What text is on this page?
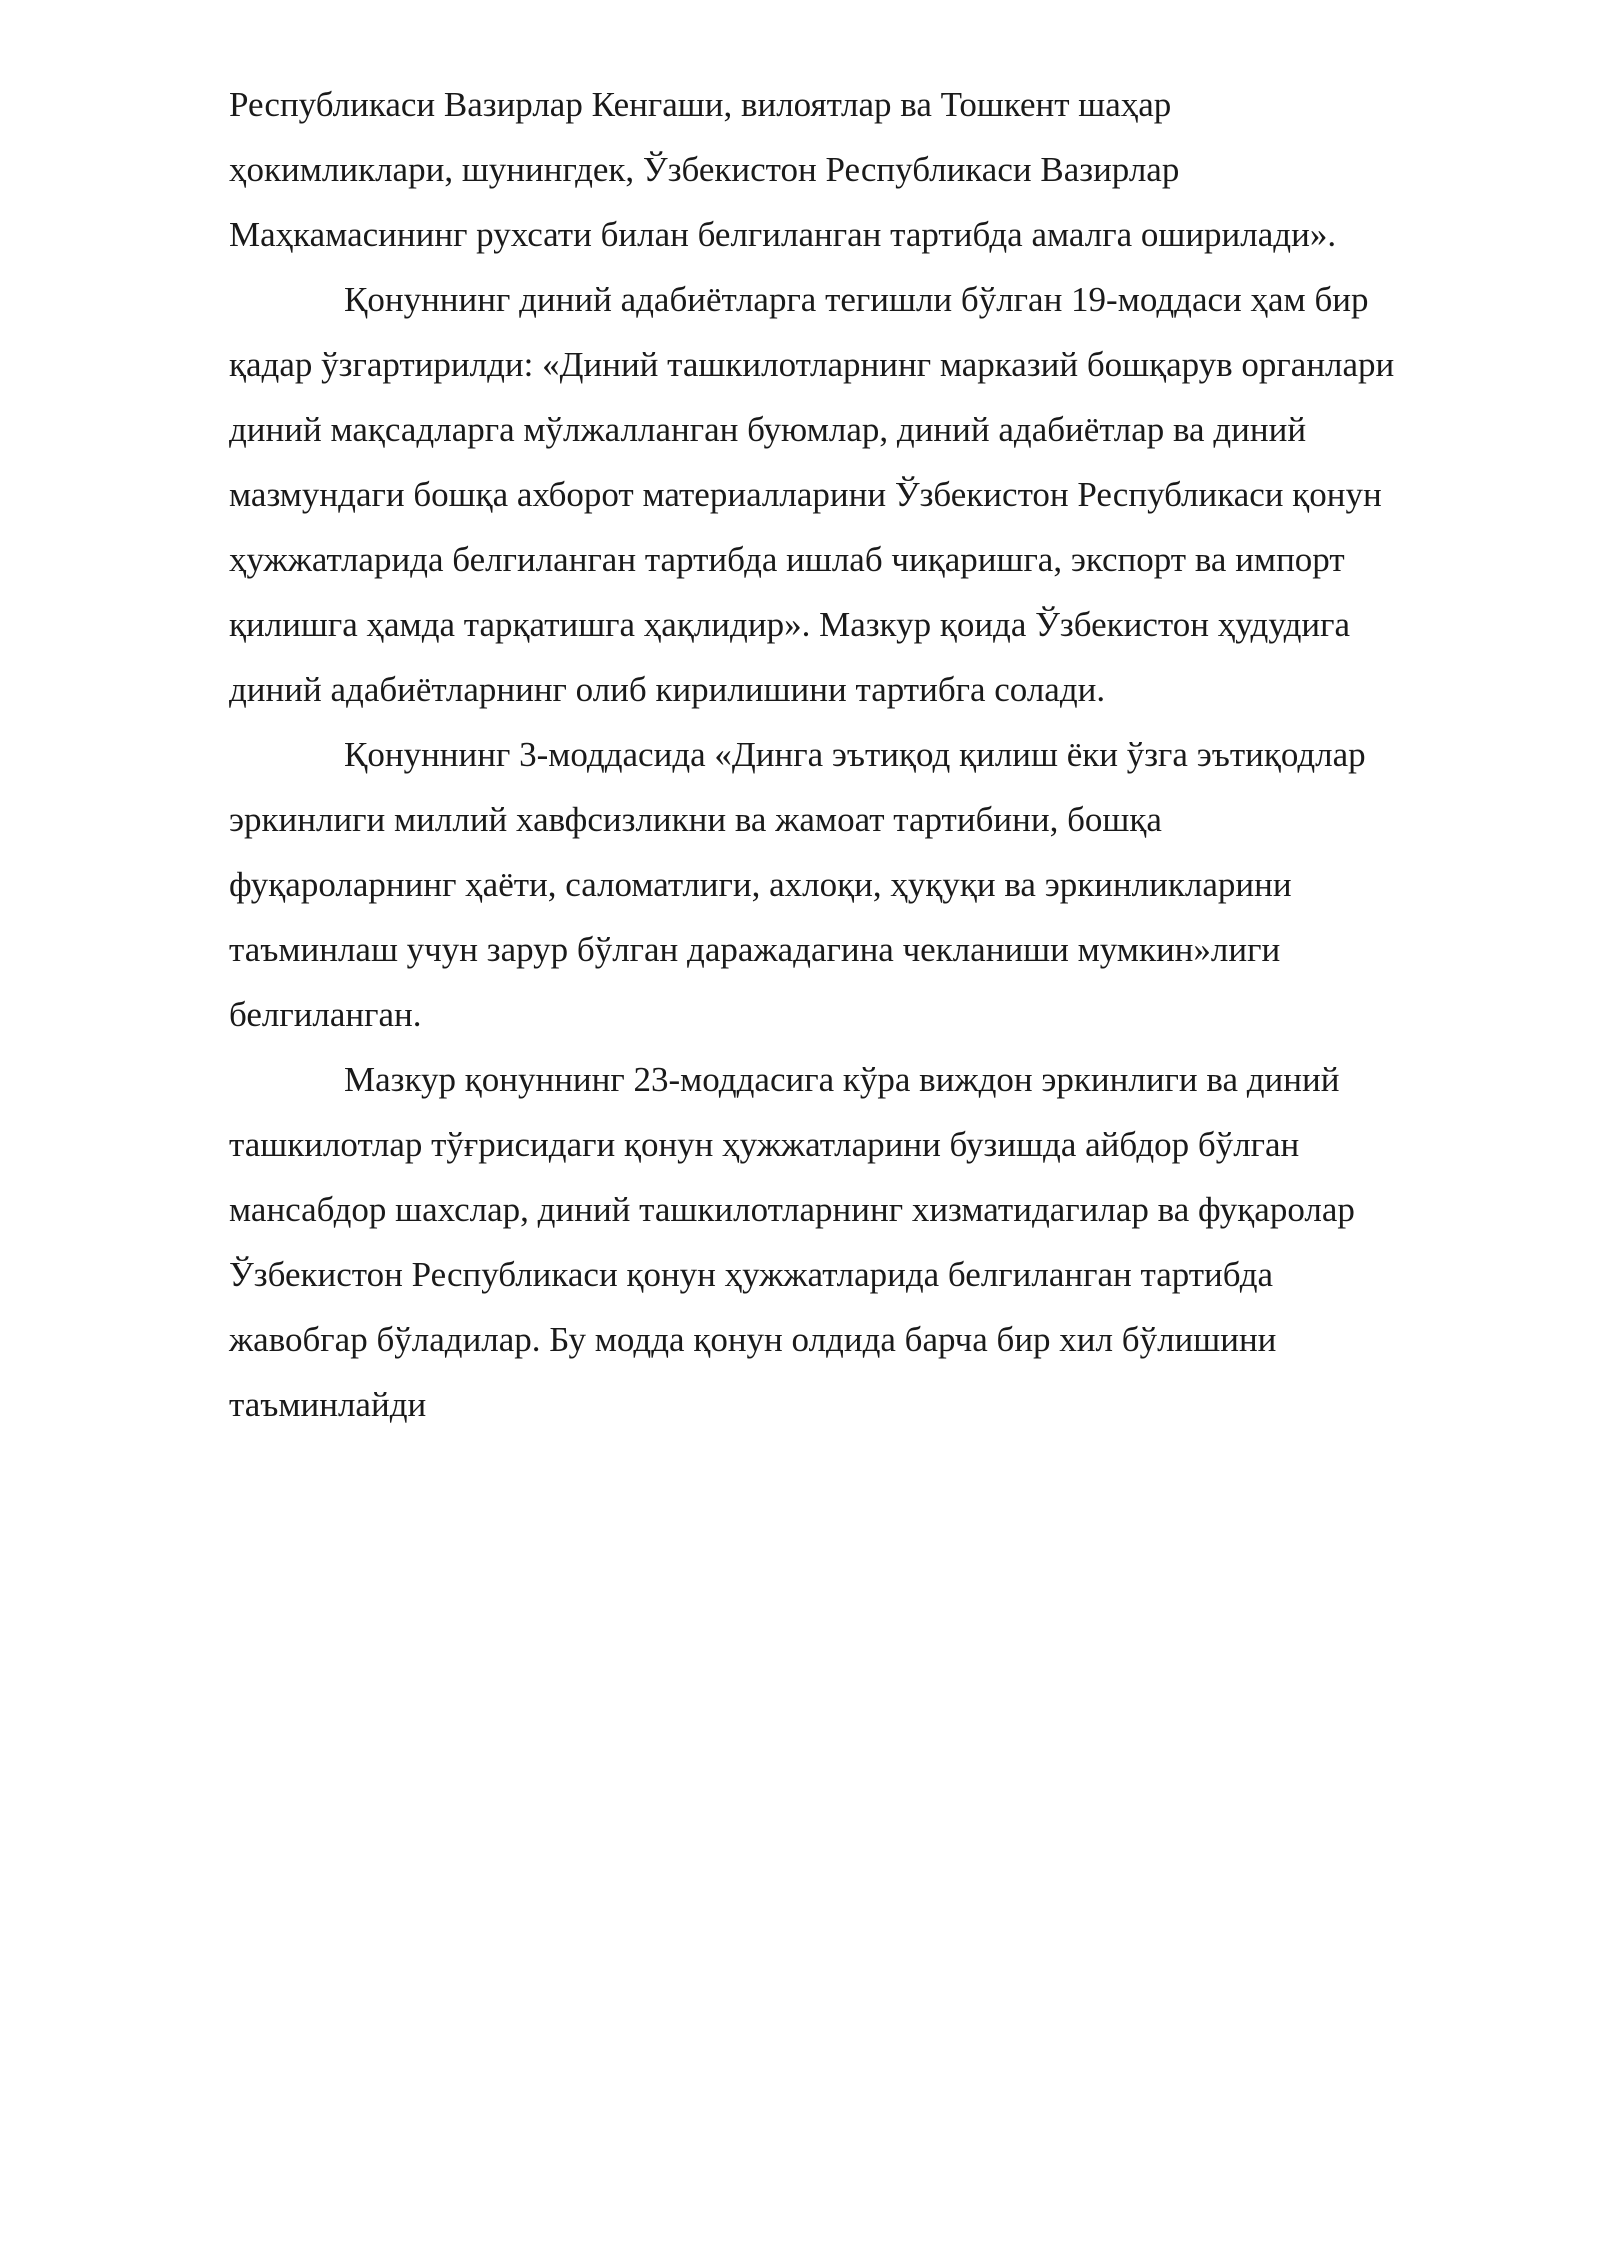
Республикаси Вазирлар Кенгаши, вилоятлар ва Тошкент шаҳар
ҳокимликлари, шунингдек, Ўзбекистон Республикаси Вазирлар
Маҳкамасининг рухсати билан белгиланган тартибда амалга оширилади».
Қонуннинг диний адабиётларга тегишли бўлган 19-моддаси ҳам бир
қадар ўзгартирилди: «Диний ташкилотларнинг марказий бошқарув органлари
диний мақсадларга мўлжалланган буюмлар, диний адабиётлар ва диний
мазмундаги бошқа ахборот материалларини Ўзбекистон Республикаси қонун
ҳужжатларида белгиланган тартибда ишлаб чиқаришга, экспорт ва импорт
қилишга ҳамда тарқатишга ҳақлидир». Мазкур қоида Ўзбекистон ҳудудига
диний адабиётларнинг олиб кирилишини тартибга солади.
Қонуннинг 3-моддасида «Динга эътиқод қилиш ёки ўзга эътиқодлар
эркинлиги миллий хавфсизликни ва жамоат тартибини, бошқа
фуқароларнинг ҳаёти, саломатлиги, ахлоқи, ҳуқуқи ва эркинликларини
таъминлаш учун зарур бўлган даражадагина чекланиши мумкин»лиги
белгиланган.
Мазкур қонуннинг 23-моддасига кўра виждон эркинлиги ва диний
ташкилотлар тўғрисидаги қонун ҳужжатларини бузишда айбдор бўлган
мансабдор шахслар, диний ташкилотларнинг хизматидагилар ва фуқаролар
Ўзбекистон Республикаси қонун ҳужжатларида белгиланган тартибда
жавобгар бўладилар. Бу модда қонун олдида барча бир хил бўлишини
таъминлайди
